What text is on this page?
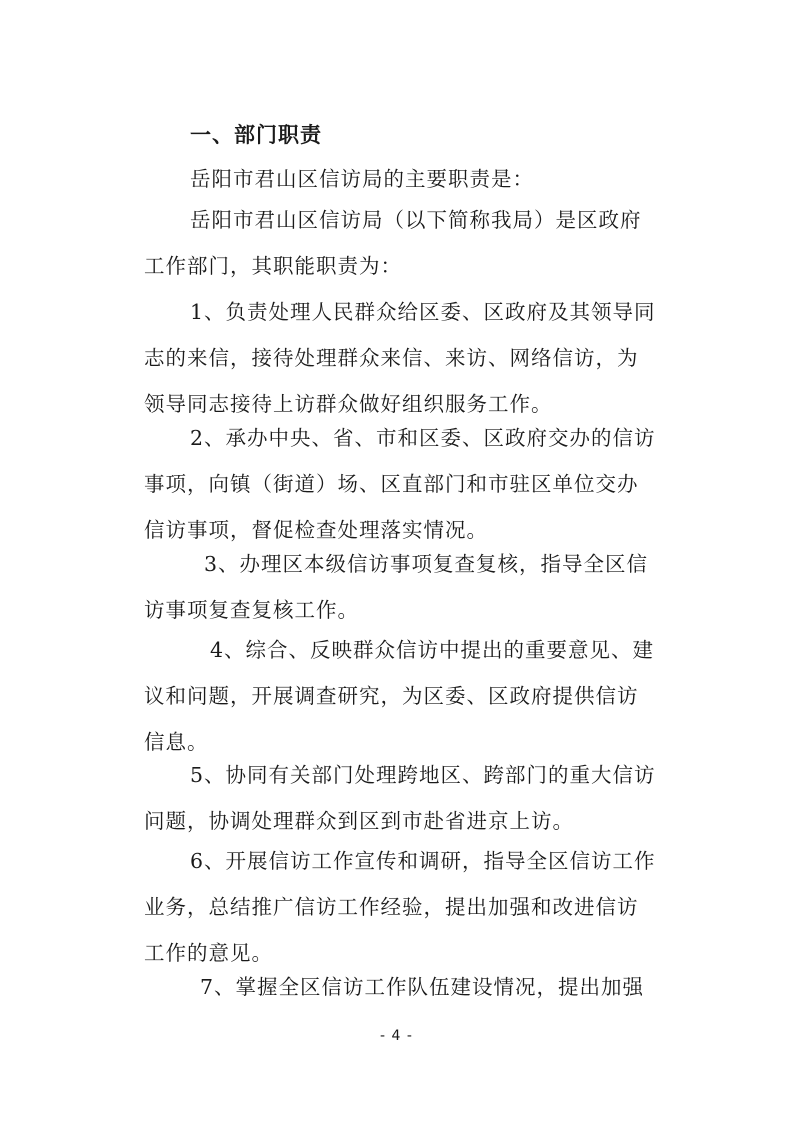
一、部门职责
岳阳市君山区信访局的主要职责是：
岳阳市君山区信访局（以下简称我局）是区政府
工作部门，其职能职责为：
1、负责处理人民群众给区委、区政府及其领导同
志的来信，接待处理群众来信、来访、网络信访，为
领导同志接待上访群众做好组织服务工作。
2、承办中央、省、市和区委、区政府交办的信访
事项，向镇（街道）场、区直部门和市驻区单位交办
信访事项，督促检查处理落实情况。
3、办理区本级信访事项复查复核，指导全区信
访事项复查复核工作。
4、综合、反映群众信访中提出的重要意见、建
议和问题，开展调查研究，为区委、区政府提供信访
信息。
5、协同有关部门处理跨地区、跨部门的重大信访
问题，协调处理群众到区到市赴省进京上访。
6、开展信访工作宣传和调研，指导全区信访工作
业务，总结推广信访工作经验，提出加强和改进信访
工作的意见。
7、掌握全区信访工作队伍建设情况，提出加强
- 4 -
